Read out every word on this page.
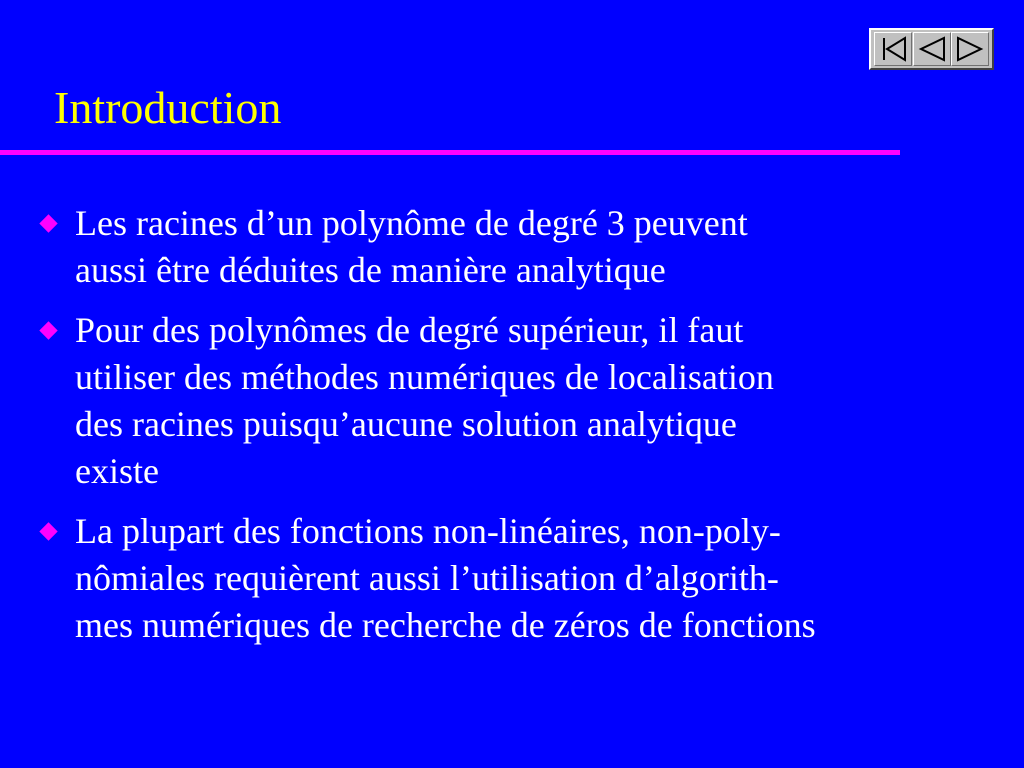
Introduction
Les racines d’un polynôme de degré 3 peuvent
aussi être déduites de manière analytique
Pour des polynômes de degré supérieur, il faut
utiliser des méthodes numériques de localisation
des racines puisqu’aucune solution analytique
existe
La plupart des fonctions non-linéaires, non-poly-
nômiales requièrent aussi l’utilisation d’algorith-
mes numériques de recherche de zéros de fonctions
